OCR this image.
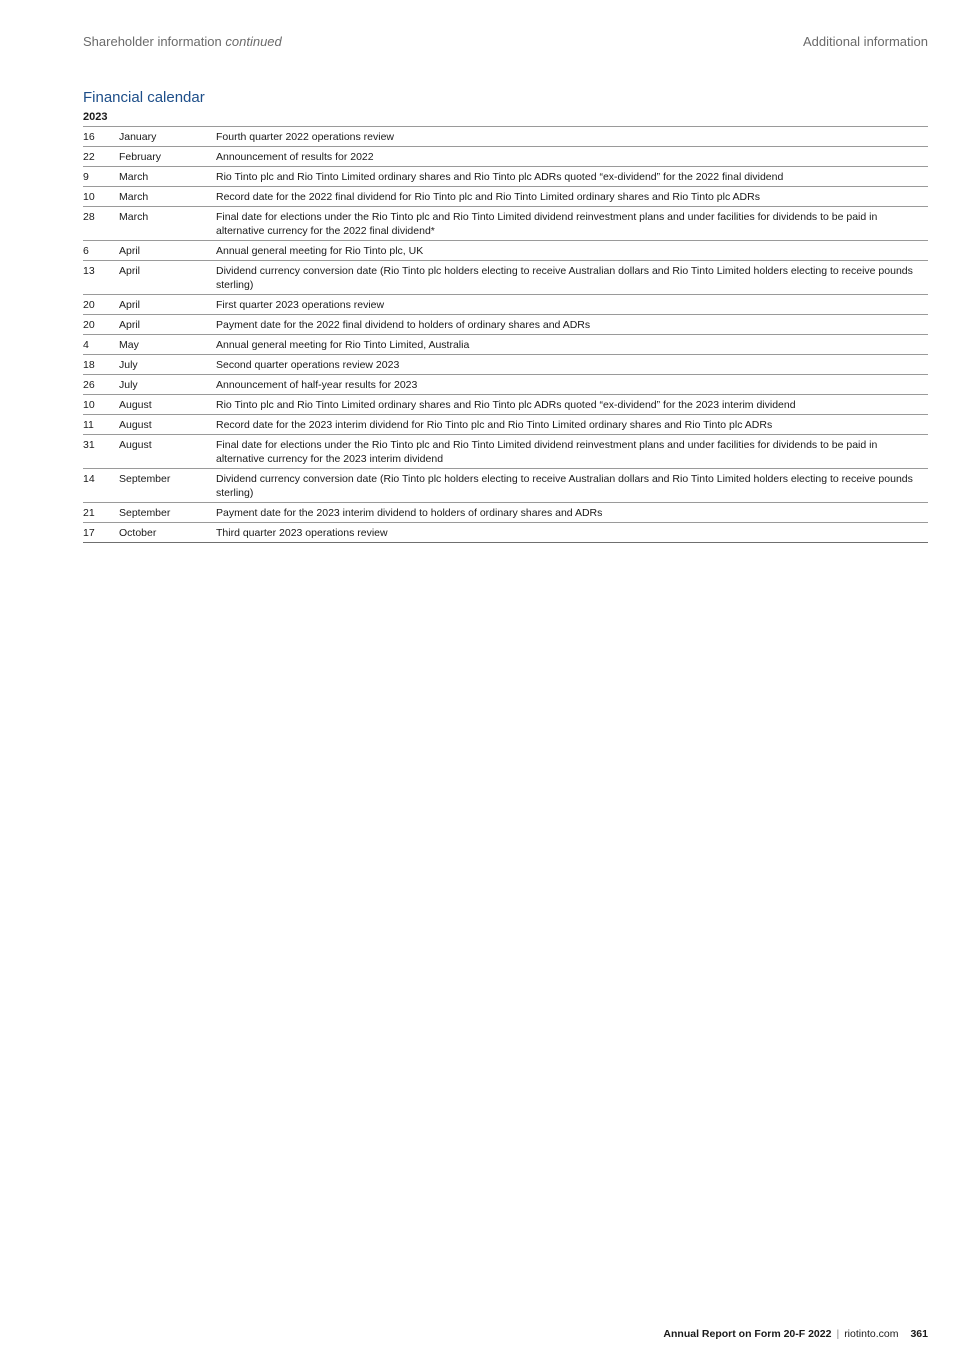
Shareholder information continued	Additional information
Financial calendar
2023
16	January	Fourth quarter 2022 operations review
22	February	Announcement of results for 2022
9	March	Rio Tinto plc and Rio Tinto Limited ordinary shares and Rio Tinto plc ADRs quoted “ex-dividend” for the 2022 final dividend
10	March	Record date for the 2022 final dividend for Rio Tinto plc and Rio Tinto Limited ordinary shares and Rio Tinto plc ADRs
28	March	Final date for elections under the Rio Tinto plc and Rio Tinto Limited dividend reinvestment plans and under facilities for dividends to be paid in alternative currency for the 2022 final dividend*
6	April	Annual general meeting for Rio Tinto plc, UK
13	April	Dividend currency conversion date (Rio Tinto plc holders electing to receive Australian dollars and Rio Tinto Limited holders electing to receive pounds sterling)
20	April	First quarter 2023 operations review
20	April	Payment date for the 2022 final dividend to holders of ordinary shares and ADRs
4	May	Annual general meeting for Rio Tinto Limited, Australia
18	July	Second quarter operations review 2023
26	July	Announcement of half-year results for 2023
10	August	Rio Tinto plc and Rio Tinto Limited ordinary shares and Rio Tinto plc ADRs quoted “ex-dividend” for the 2023 interim dividend
11	August	Record date for the 2023 interim dividend for Rio Tinto plc and Rio Tinto Limited ordinary shares and Rio Tinto plc ADRs
31	August	Final date for elections under the Rio Tinto plc and Rio Tinto Limited dividend reinvestment plans and under facilities for dividends to be paid in alternative currency for the 2023 interim dividend
14	September	Dividend currency conversion date (Rio Tinto plc holders electing to receive Australian dollars and Rio Tinto Limited holders electing to receive pounds sterling)
21	September	Payment date for the 2023 interim dividend to holders of ordinary shares and ADRs
17	October	Third quarter 2023 operations review
Annual Report on Form 20-F 2022 | riotinto.com 361
